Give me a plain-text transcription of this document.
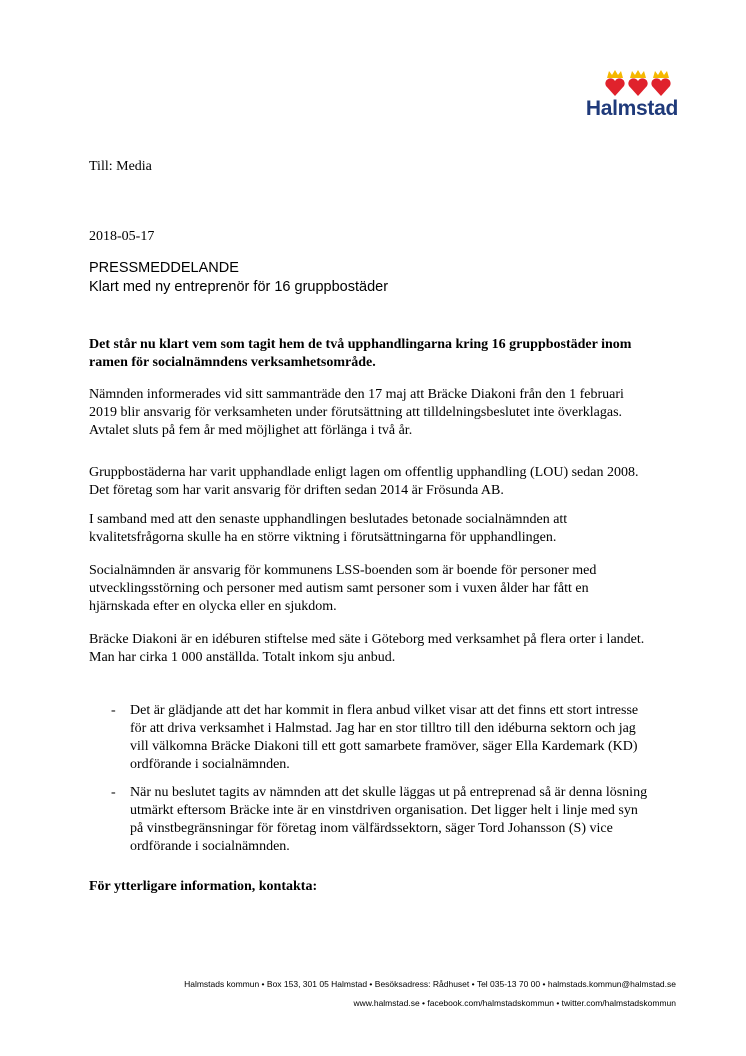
Halmstad
Till: Media
2018-05-17
PRESSMEDDELANDE
Klart med ny entreprenör för 16 gruppbostäder
Det står nu klart vem som tagit hem de två upphandlingarna kring 16 gruppbostäder inom ramen för socialnämndens verksamhetsområde.
Nämnden informerades vid sitt sammanträde den 17 maj att Bräcke Diakoni från den 1 februari 2019 blir ansvarig för verksamheten under förutsättning att tilldelningsbeslutet inte överklagas. Avtalet sluts på fem år med möjlighet att förlänga i två år.
Gruppbostäderna har varit upphandlade enligt lagen om offentlig upphandling (LOU) sedan 2008. Det företag som har varit ansvarig för driften sedan 2014 är Frösunda AB.
I samband med att den senaste upphandlingen beslutades betonade socialnämnden att kvalitetsfrågorna skulle ha en större viktning i förutsättningarna för upphandlingen.
Socialnämnden är ansvarig för kommunens LSS-boenden som är boende för personer med utvecklingsstörning och personer med autism samt personer som i vuxen ålder har fått en hjärnskada efter en olycka eller en sjukdom.
Bräcke Diakoni är en idéburen stiftelse med säte i Göteborg med verksamhet på flera orter i landet. Man har cirka 1 000 anställda. Totalt inkom sju anbud.
- Det är glädjande att det har kommit in flera anbud vilket visar att det finns ett stort intresse för att driva verksamhet i Halmstad. Jag har en stor tilltro till den idéburna sektorn och jag vill välkomna Bräcke Diakoni till ett gott samarbete framöver, säger Ella Kardemark (KD) ordförande i socialnämnden.
- När nu beslutet tagits av nämnden att det skulle läggas ut på entreprenad så är denna lösning utmärkt eftersom Bräcke inte är en vinstdriven organisation. Det ligger helt i linje med syn på vinstbegränsningar för företag inom välfärdssektorn, säger Tord Johansson (S) vice ordförande i socialnämnden.
För ytterligare information, kontakta:
Halmstads kommun • Box 153, 301 05 Halmstad • Besöksadress: Rådhuset • Tel 035-13 70 00 • halmstads.kommun@halmstad.se
www.halmstad.se • facebook.com/halmstadskommun • twitter.com/halmstadskommun
